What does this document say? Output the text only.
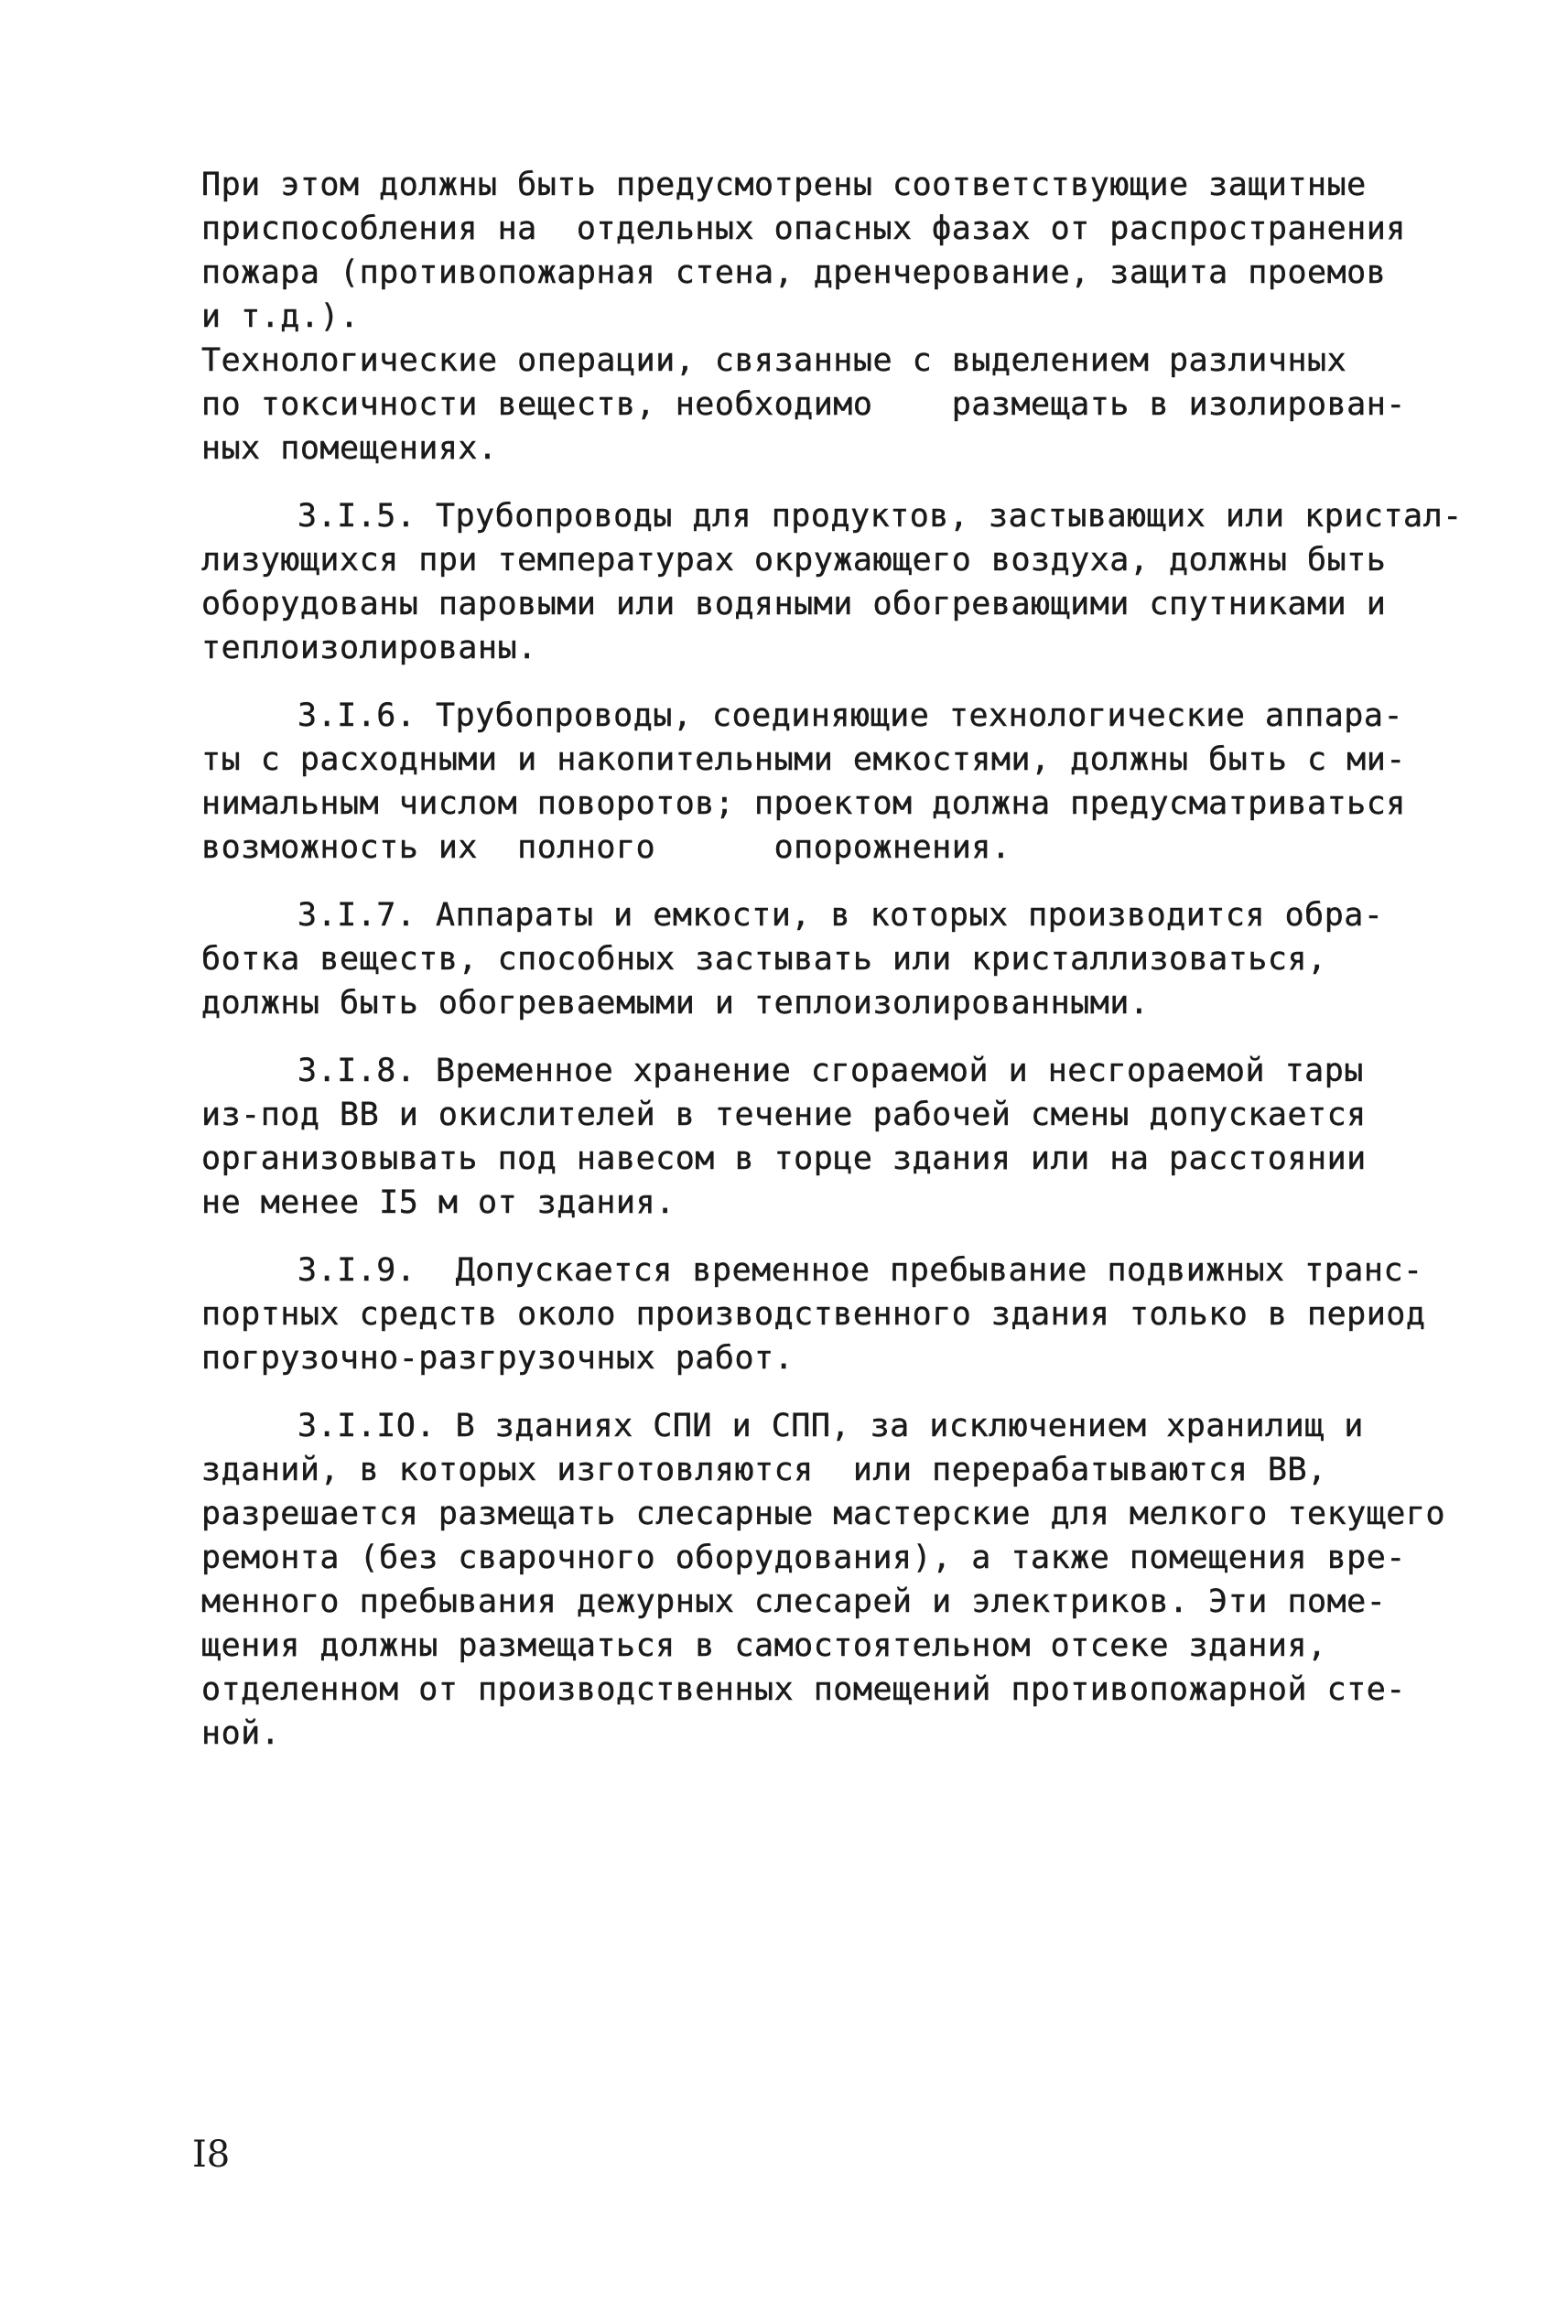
При этом должны быть предусмотрены соответствующие защитные
приспособления на  отдельных опасных фазах от распространения
пожара (противопожарная стена, дренчерование, защита проемов
и т.д.).
Технологические операции, связанные с выделением различных
по токсичности веществ, необходимо    размещать в изолирован-
ных помещениях.
3.I.5. Трубопроводы для продуктов, застывающих или кристал-
лизующихся при температурах окружающего воздуха, должны быть
оборудованы паровыми или водяными обогревающими спутниками и
теплоизолированы.
3.I.6. Трубопроводы, соединяющие технологические аппара-
ты с расходными и накопительными емкостями, должны быть с ми-
нимальным числом поворотов; проектом должна предусматриваться
возможность их  полного      опорожнения.
3.I.7. Аппараты и емкости, в которых производится обра-
ботка веществ, способных застывать или кристаллизоваться,
должны быть обогреваемыми и теплоизолированными.
3.I.8. Временное хранение сгораемой и несгораемой тары
из-под ВВ и окислителей в течение рабочей смены допускается
организовывать под навесом в торце здания или на расстоянии
не менее I5 м от здания.
3.I.9.  Допускается временное пребывание подвижных транс-
портных средств около производственного здания только в период
погрузочно-разгрузочных работ.
3.I.IO. В зданиях СПИ и СПП, за исключением хранилищ и
зданий, в которых изготовляются  или перерабатываются ВВ,
разрешается размещать слесарные мастерские для мелкого текущего
ремонта (без сварочного оборудования), а также помещения вре-
менного пребывания дежурных слесарей и электриков. Эти поме-
щения должны размещаться в самостоятельном отсеке здания,
отделенном от производственных помещений противопожарной сте-
ной.
I8
